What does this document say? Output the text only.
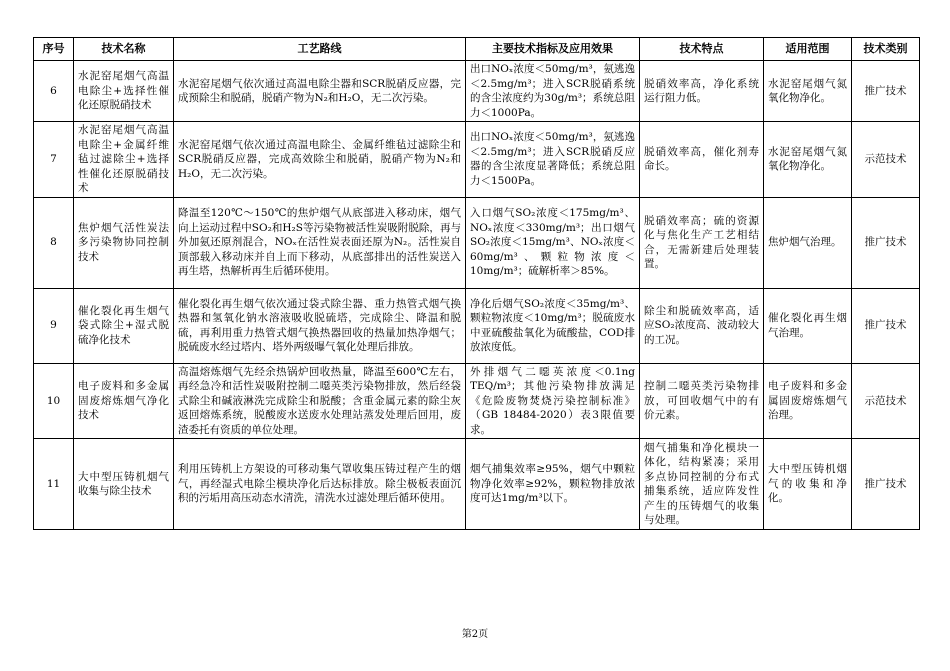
序号	技术名称	工艺路线	主要技术指标及应用效果	技术特点	适用范围	技术类别
6	水泥窑尾烟气高温电除尘+选择性催化还原脱硝技术	水泥窑尾烟气依次通过高温电除尘器和SCR脱硝反应器，完成预除尘和脱硝，脱硝产物为N₂和H₂O，无二次污染。	出口NOₓ浓度＜50mg/m³，氨逃逸＜2.5mg/m³；进入SCR脱硝系统的含尘浓度约为30g/m³；系统总阻力＜1000Pa。	脱硝效率高，净化系统运行阻力低。	水泥窑尾烟气氮氧化物净化。	推广技术
7	水泥窑尾烟气高温电除尘+金属纤维毡过滤除尘+选择性催化还原脱硝技术	水泥窑尾烟气依次通过高温电除尘、金属纤维毡过滤除尘和SCR脱硝反应器，完成高效除尘和脱硝，脱硝产物为N₂和H₂O，无二次污染。	出口NOₓ浓度＜50mg/m³，氨逃逸＜2.5mg/m³；进入SCR脱硝反应器的含尘浓度显著降低；系统总阻力＜1500Pa。	脱硝效率高，催化剂寿命长。	水泥窑尾烟气氮氧化物净化。	示范技术
8	焦炉烟气活性炭法多污染物协同控制技术	降温至120℃～150℃的焦炉烟气从底部进入移动床，烟气向上运动过程中SO₂和H₂S等污染物被活性炭吸附脱除，再与外加氨还原剂混合，NOₓ在活性炭表面还原为N₂。活性炭自顶部载入移动床并自上而下移动，从底部排出的活性炭送入再生塔，热解析再生后循环使用。	入口烟气SO₂浓度＜175mg/m³、NOₓ浓度＜330mg/m³；出口烟气SO₂浓度＜15mg/m³、NOₓ浓度＜60mg/m³、颗粒物浓度＜10mg/m³；硫解析率＞85%。	脱硝效率高；硫的资源化与焦化生产工艺相结合，无需新建后处理装置。	焦炉烟气治理。	推广技术
9	催化裂化再生烟气袋式除尘+湿式脱硫净化技术	催化裂化再生烟气依次通过袋式除尘器、重力热管式烟气换热器和氢氧化钠水溶液吸收脱硫塔，完成除尘、降温和脱硫，再利用重力热管式烟气换热器回收的热量加热净烟气；脱硫废水经过塔内、塔外两级曝气氧化处理后排放。	净化后烟气SO₂浓度＜35mg/m³、颗粒物浓度＜10mg/m³；脱硫废水中亚硫酸盐氧化为硫酸盐，COD排放浓度低。	除尘和脱硫效率高，适应SO₂浓度高、波动较大的工况。	催化裂化再生烟气治理。	推广技术
10	电子废料和多金属固废熔炼烟气净化技术	高温熔炼烟气先经余热锅炉回收热量，降温至600℃左右，再经急冷和活性炭吸附控制二噁英类污染物排放，然后经袋式除尘和碱液淋洗完成除尘和脱酸；含重金属元素的除尘灰返回熔炼系统，脱酸废水送废水处理站蒸发处理后回用，废渣委托有资质的单位处理。	外排烟气二噁英浓度＜0.1ng TEQ/m³；其他污染物排放满足《危险废物焚烧污染控制标准》（GB 18484-2020）表3限值要求。	控制二噁英类污染物排放，可回收烟气中的有价元素。	电子废料和多金属固废熔炼烟气治理。	示范技术
11	大中型压铸机烟气收集与除尘技术	利用压铸机上方架设的可移动集气罩收集压铸过程产生的烟气，再经湿式电除尘模块净化后达标排放。除尘极板表面沉积的污垢用高压动态水清洗，清洗水过滤处理后循环使用。	烟气捕集效率≥95%，烟气中颗粒物净化效率≥92%，颗粒物排放浓度可达1mg/m³以下。	烟气捕集和净化模块一体化，结构紧凑；采用多点协同控制的分布式捕集系统，适应阵发性产生的压铸烟气的收集与处理。	大中型压铸机烟气的收集和净化。	推广技术
第2页
